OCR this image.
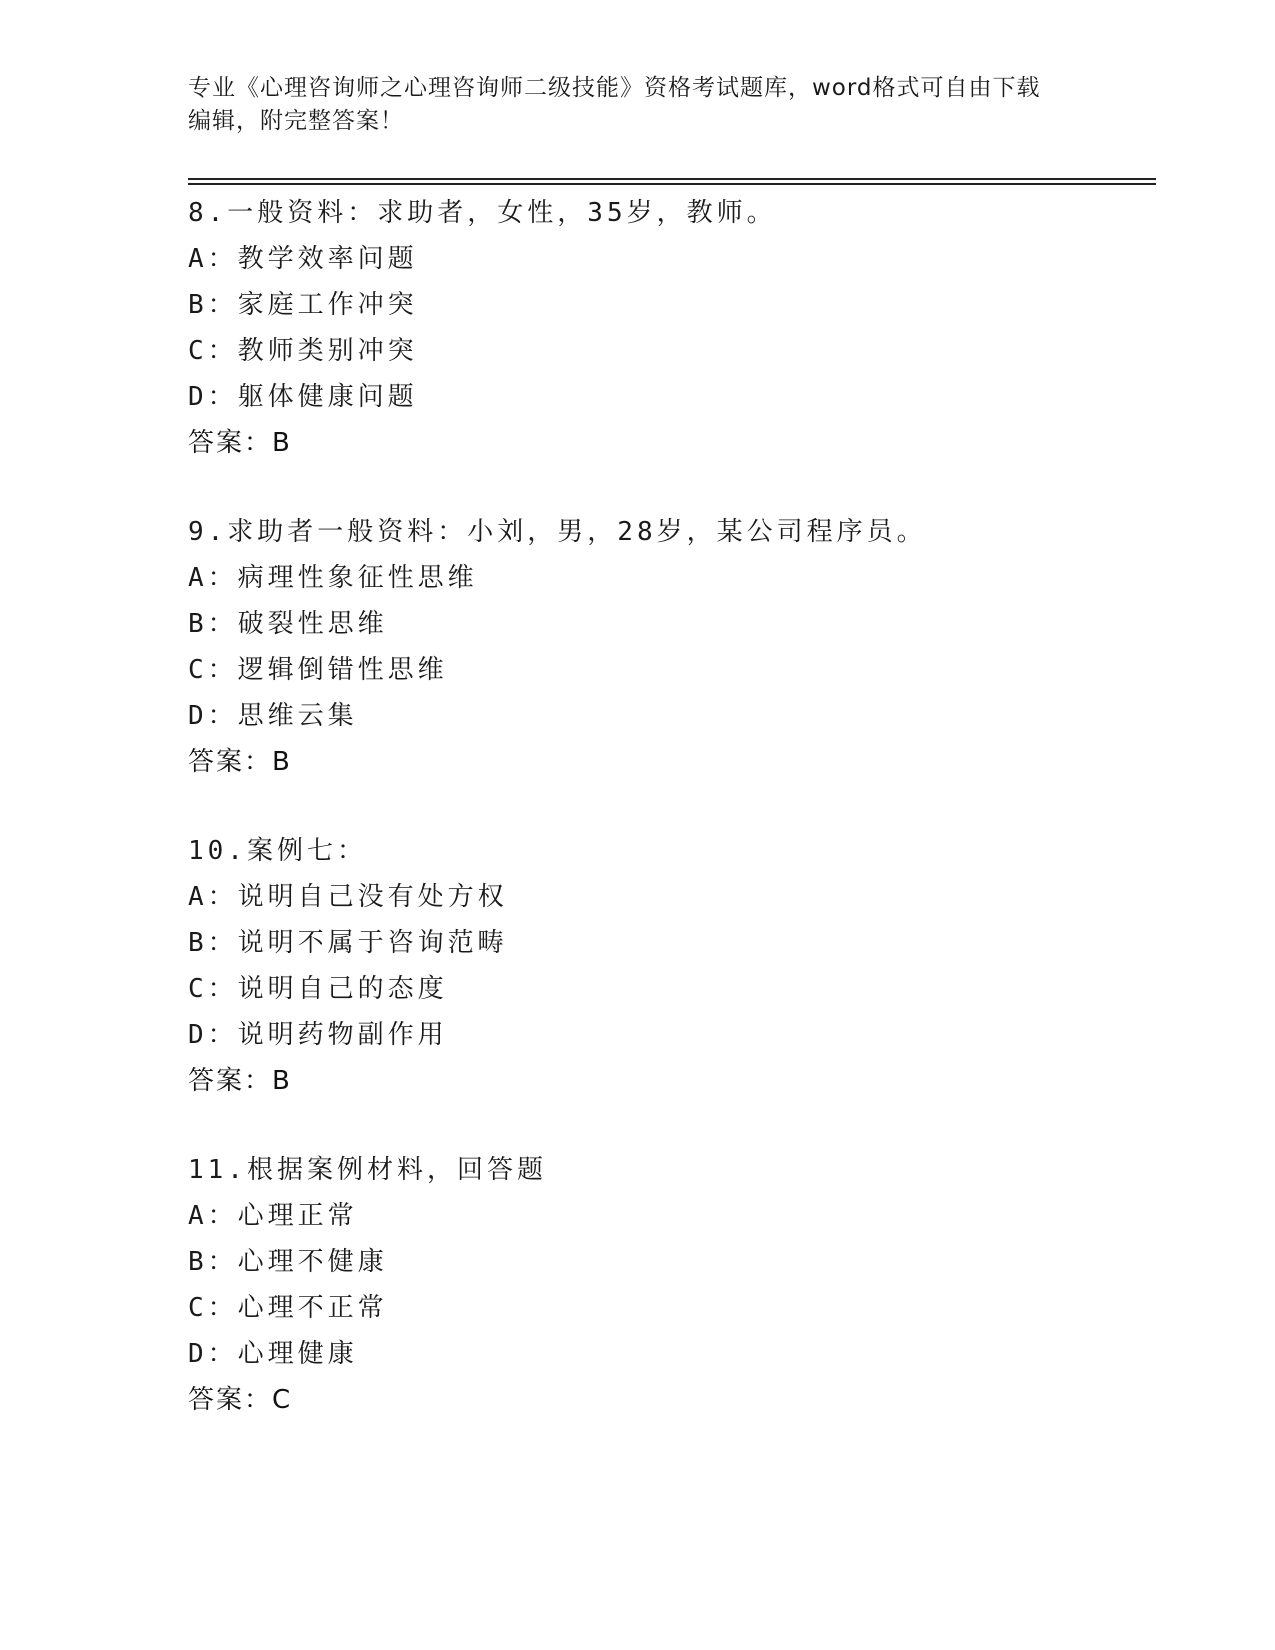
专业《心理咨询师之心理咨询师二级技能》资格考试题库，word格式可自由下载
编辑，附完整答案！
8.一般资料：求助者，女性，35岁，教师。
A：教学效率问题
B：家庭工作冲突
C：教师类别冲突
D：躯体健康问题
答案：B
9.求助者一般资料：小刘，男，28岁，某公司程序员。
A：病理性象征性思维
B：破裂性思维
C：逻辑倒错性思维
D：思维云集
答案：B
10.案例七：
A：说明自己没有处方权
B：说明不属于咨询范畴
C：说明自己的态度
D：说明药物副作用
答案：B
11.根据案例材料，回答题
A：心理正常
B：心理不健康
C：心理不正常
D：心理健康
答案：C
